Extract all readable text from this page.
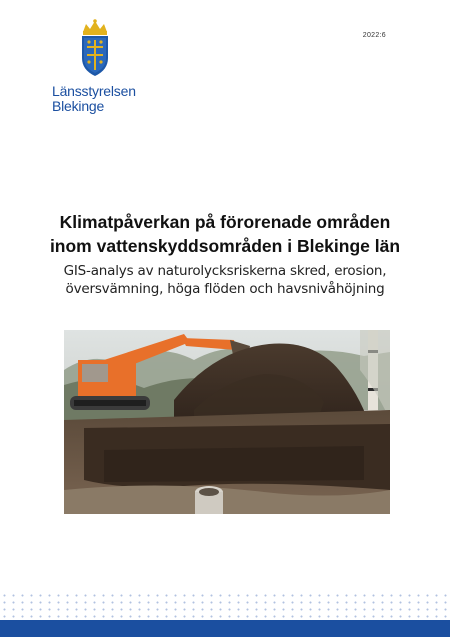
Länsstyrelsen
Blekinge
2022:6
Klimatpåverkan på förorenade områden
inom vattenskyddsområden i Blekinge län

GIS-analys av naturolycksriskerna skred, erosion,
översvämning, höga flöden och havsnivåhöjning
